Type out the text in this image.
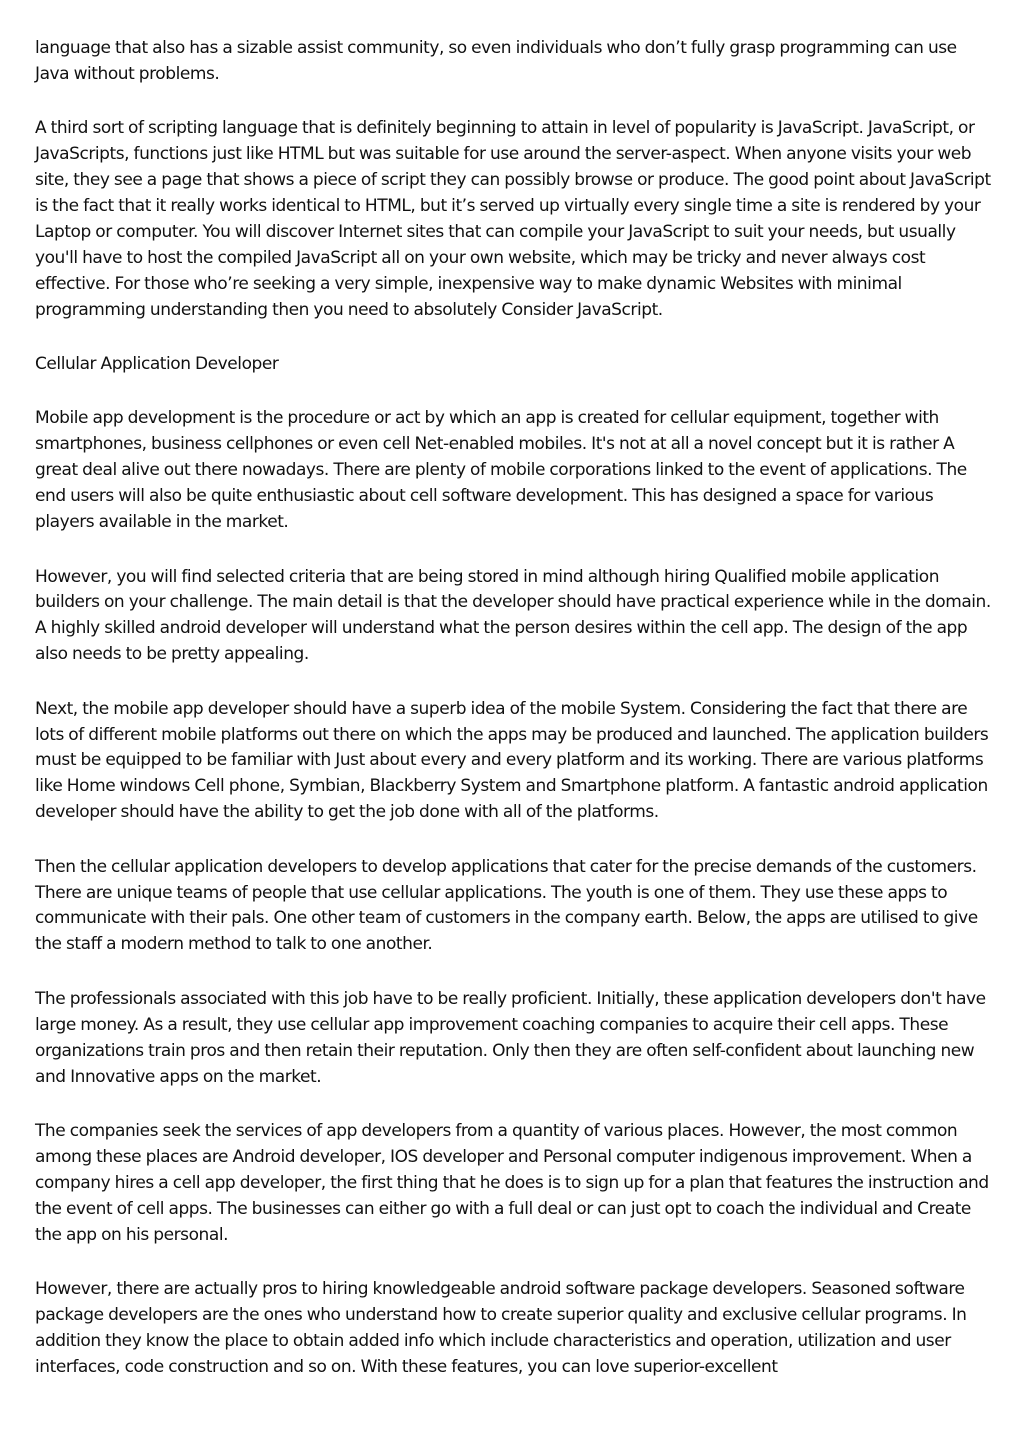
language that also has a sizable assist community, so even individuals who don’t fully grasp programming can use Java without problems.

A third sort of scripting language that is definitely beginning to attain in level of popularity is JavaScript. JavaScript, or JavaScripts, functions just like HTML but was suitable for use around the server-aspect. When anyone visits your web site, they see a page that shows a piece of script they can possibly browse or produce. The good point about JavaScript is the fact that it really works identical to HTML, but it’s served up virtually every single time a site is rendered by your Laptop or computer. You will discover Internet sites that can compile your JavaScript to suit your needs, but usually you'll have to host the compiled JavaScript all on your own website, which may be tricky and never always cost effective. For those who’re seeking a very simple, inexpensive way to make dynamic Websites with minimal programming understanding then you need to absolutely Consider JavaScript.

Cellular Application Developer

Mobile app development is the procedure or act by which an app is created for cellular equipment, together with smartphones, business cellphones or even cell Net-enabled mobiles. It's not at all a novel concept but it is rather A great deal alive out there nowadays. There are plenty of mobile corporations linked to the event of applications. The end users will also be quite enthusiastic about cell software development. This has designed a space for various players available in the market.

However, you will find selected criteria that are being stored in mind although hiring Qualified mobile application builders on your challenge. The main detail is that the developer should have practical experience while in the domain. A highly skilled android developer will understand what the person desires within the cell app. The design of the app also needs to be pretty appealing.

Next, the mobile app developer should have a superb idea of the mobile System. Considering the fact that there are lots of different mobile platforms out there on which the apps may be produced and launched. The application builders must be equipped to be familiar with Just about every and every platform and its working. There are various platforms like Home windows Cell phone, Symbian, Blackberry System and Smartphone platform. A fantastic android application developer should have the ability to get the job done with all of the platforms.

Then the cellular application developers to develop applications that cater for the precise demands of the customers. There are unique teams of people that use cellular applications. The youth is one of them. They use these apps to communicate with their pals. One other team of customers in the company earth. Below, the apps are utilised to give the staff a modern method to talk to one another.

The professionals associated with this job have to be really proficient. Initially, these application developers don't have large money. As a result, they use cellular app improvement coaching companies to acquire their cell apps. These organizations train pros and then retain their reputation. Only then they are often self-confident about launching new and Innovative apps on the market.

The companies seek the services of app developers from a quantity of various places. However, the most common among these places are Android developer, IOS developer and Personal computer indigenous improvement. When a company hires a cell app developer, the first thing that he does is to sign up for a plan that features the instruction and the event of cell apps. The businesses can either go with a full deal or can just opt to coach the individual and Create the app on his personal.

However, there are actually pros to hiring knowledgeable android software package developers. Seasoned software package developers are the ones who understand how to create superior quality and exclusive cellular programs. In addition they know the place to obtain added info which include characteristics and operation, utilization and user interfaces, code construction and so on. With these features, you can love superior-excellent
